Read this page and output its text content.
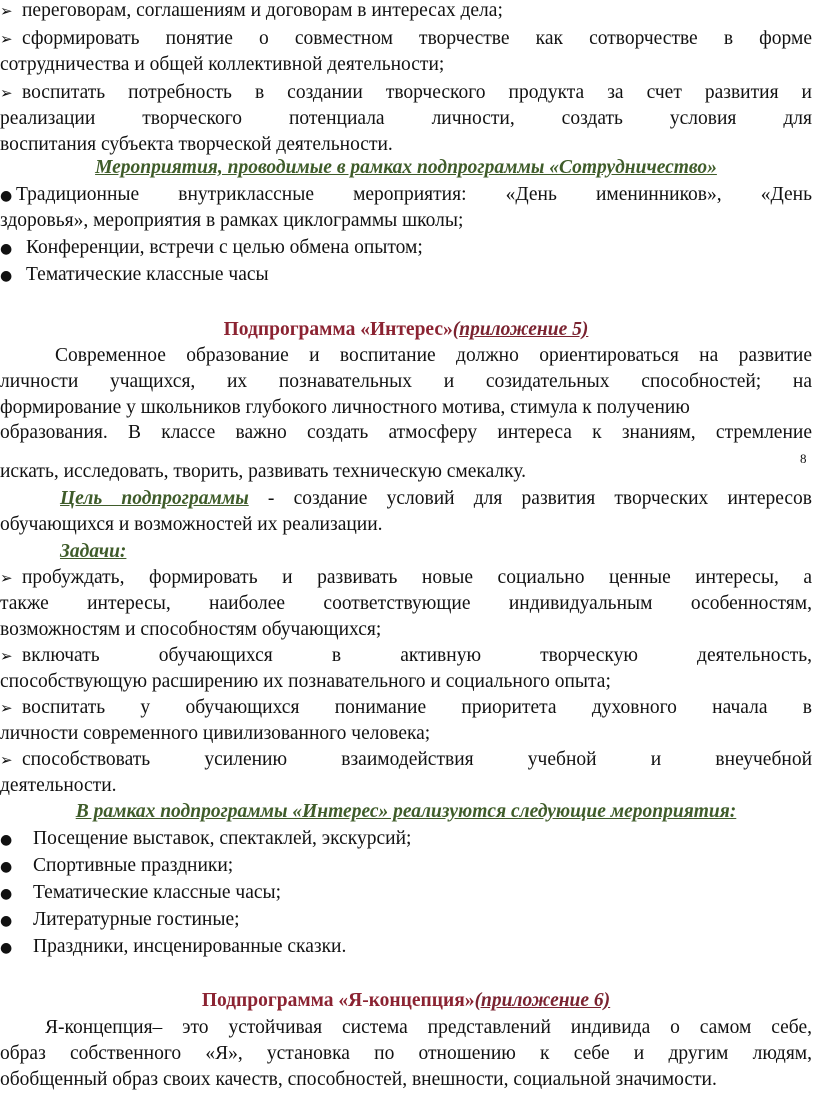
➢ переговорам, соглашениям и договорам в интересах дела;
➢ сформировать понятие о совместном творчестве как сотворчестве в форме
сотрудничества и общей коллективной деятельности;
➢ воспитать потребность в создании творческого продукта за счет развития и
реализации творческого потенциала личности, создать условия для
воспитания субъекта творческой деятельности.
Мероприятия, проводимые в рамках подпрограммы «Сотрудничество»
● Традиционные внутриклассные мероприятия: «День именинников», «День
здоровья», мероприятия в рамках циклограммы школы;
● Конференции, встречи с целью обмена опытом;
● Тематические классные часы
Подпрограмма «Интерес»(приложение 5)
Современное образование и воспитание должно ориентироваться на развитие
личности учащихся, их познавательных и созидательных способностей; на
формирование у школьников глубокого личностного мотива, стимула к получению
образования. В классе важно создать атмосферу интереса к знаниям, стремление
искать, исследовать, творить, развивать техническую смекалку.
Цель подпрограммы - создание условий для развития творческих интересов
обучающихся и возможностей их реализации.
Задачи:
➢ пробуждать, формировать и развивать новые социально ценные интересы, а
также интересы, наиболее соответствующие индивидуальным особенностям,
возможностям и способностям обучающихся;
➢ включать обучающихся в активную творческую деятельность,
способствующую расширению их познавательного и социального опыта;
➢ воспитать у обучающихся понимание приоритета духовного начала в
личности современного цивилизованного человека;
➢ способствовать усилению взаимодействия учебной и внеучебной
деятельности.
В рамках подпрограммы «Интерес» реализуются следующие мероприятия:
● Посещение выставок, спектаклей, экскурсий;
● Спортивные праздники;
● Тематические классные часы;
● Литературные гостиные;
● Праздники, инсценированные сказки.
Подпрограмма «Я-концепция»(приложение 6)
Я-концепция– это устойчивая система представлений индивида о самом себе,
образ собственного «Я», установка по отношению к себе и другим людям,
обобщенный образ своих качеств, способностей, внешности, социальной значимости.
8
